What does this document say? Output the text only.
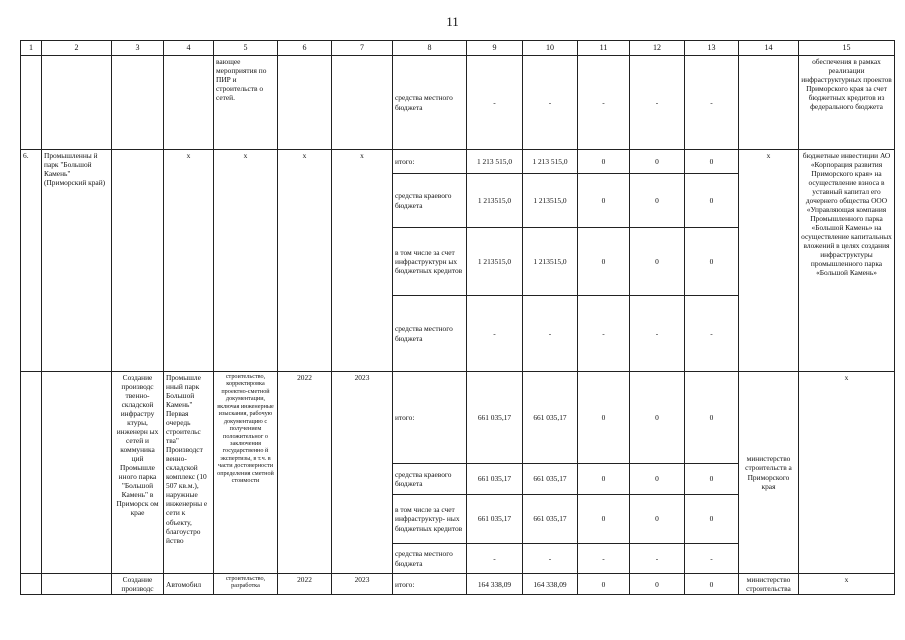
11
1	2	3	4	5	6	7	8	9	10	11	12	13	14	15
				вающее мероприятия по ПИР и строительств о сетей.			средства местного бюджета	-	-	-	-	-		обеспечения в рамках реализации инфраструктурных проектов Приморского края за счет бюджетных кредитов из федерального бюджета
6.	Промышленны й парк "Большой Камень" (Приморский край)		х	х	х	х	итого:	1 213 515,0	1 213 515,0	0	0	0	х	бюджетные инвестиции АО «Корпорация развития Приморского края» на осуществление взноса в уставный капитал его дочернего общества ООО «Управляющая компания Промышленного парка «Большой Камень» на осуществление капитальных вложений в целях создания инфраструктуры промышленного парка «Большой Камень»
							средства краевого бюджета	1 213515,0	1 213515,0	0	0	0		
							в том числе за счет инфраструктурн ых бюджетных кредитов	1 213515,0	1 213515,0	0	0	0		
							средства местного бюджета	-	-	-	-	-		
		Создание производс твенно-складской инфрастру ктуры, инженерн ых сетей и коммуника ций Промышле нного парка "Большой Камень" в Приморск ом крае	Промышле нный парк Большой Камень" Первая очередь строительс тва" Производст венно-складской комплекс (10 507 кв.м.), наружные инженерны е сети к объекту, благоустро йство	строительство, корректировка проектно-сметной документации, включая инженерные изыскания, рабочую документацию с получением положительног о заключения государственно й экспертизы, в т.ч. в части достоверности определения сметной стоимости	2022	2023	итого:	661 035,17	661 035,17	0	0	0	министерство строительств а Приморского края	х
							средства краевого бюджета	661 035,17	661 035,17	0	0	0		
							в том числе за счет инфраструктур- ных бюджетных кредитов	661 035,17	661 035,17	0	0	0		
							средства местного бюджета	-	-	-	-	-		
		Создание производс	Автомобил	строительство, разработка	2022	2023	итого:	164 338,09	164 338,09	0	0	0	министерство строительства	х
